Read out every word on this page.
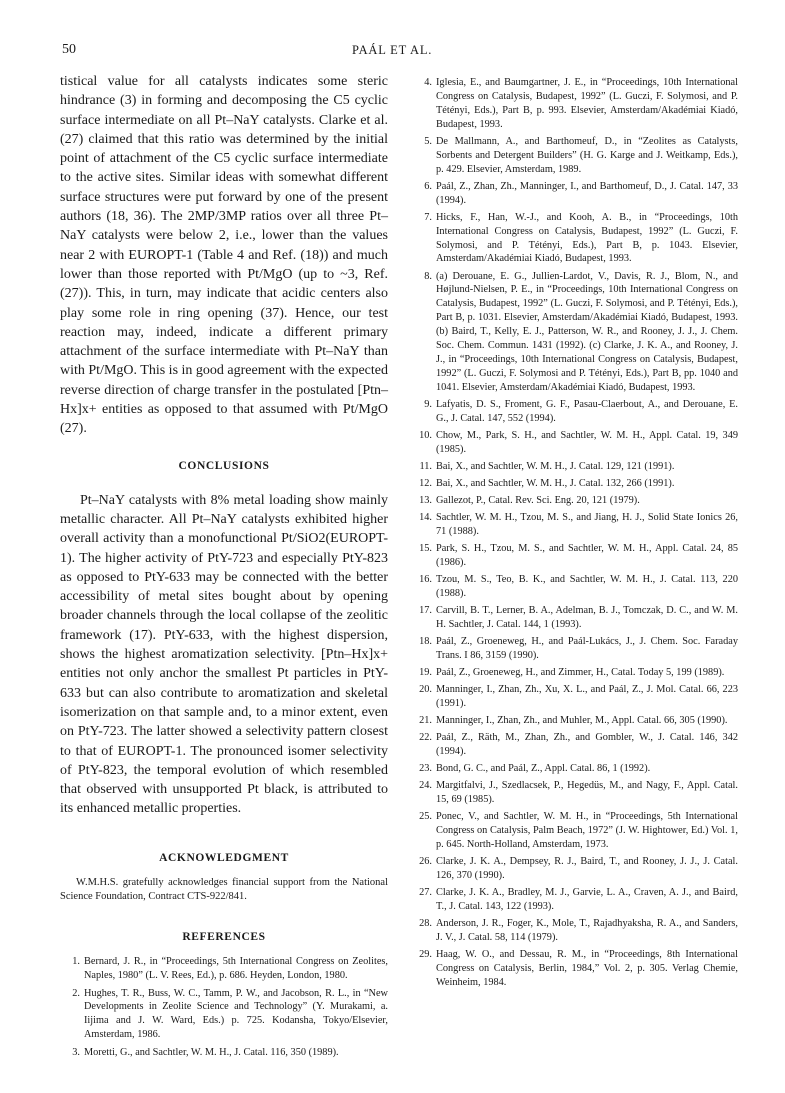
50	PAÁL ET AL.

tistical value for all catalysts indicates some steric hindrance (3) in forming and decomposing the C5 cyclic surface intermediate on all Pt–NaY catalysts. Clarke et al. (27) claimed that this ratio was determined by the initial point of attachment of the C5 cyclic surface intermediate to the active sites. Similar ideas with somewhat different surface structures were put forward by one of the present authors (18, 36). The 2MP/3MP ratios over all three Pt–NaY catalysts were below 2, i.e., lower than the values near 2 with EUROPT-1 (Table 4 and Ref. (18)) and much lower than those reported with Pt/MgO (up to ~3, Ref. (27)). This, in turn, may indicate that acidic centers also play some role in ring opening (37). Hence, our test reaction may, indeed, indicate a different primary attachment of the surface intermediate with Pt–NaY than with Pt/MgO. This is in good agreement with the expected reverse direction of charge transfer in the postulated [Ptn–Hx]x+ entities as opposed to that assumed with Pt/MgO (27).

CONCLUSIONS

Pt–NaY catalysts with 8% metal loading show mainly metallic character. All Pt–NaY catalysts exhibited higher overall activity than a monofunctional Pt/SiO2(EUROPT-1). The higher activity of PtY-723 and especially PtY-823 as opposed to PtY-633 may be connected with the better accessibility of metal sites bought about by opening broader channels through the local collapse of the zeolitic framework (17). PtY-633, with the highest dispersion, shows the highest aromatization selectivity. [Ptn–Hx]x+ entities not only anchor the smallest Pt particles in PtY-633 but can also contribute to aromatization and skeletal isomerization on that sample and, to a minor extent, even on PtY-723. The latter showed a selectivity pattern closest to that of EUROPT-1. The pronounced isomer selectivity of PtY-823, the temporal evolution of which resembled that observed with unsupported Pt black, is attributed to its enhanced metallic properties.

ACKNOWLEDGMENT

W.M.H.S. gratefully acknowledges financial support from the National Science Foundation, Contract CTS-922/841.

REFERENCES
1. Bernard, J. R., in “Proceedings, 5th International Congress on Zeolites, Naples, 1980” (L. V. Rees, Ed.), p. 686. Heyden, London, 1980.
2. Hughes, T. R., Buss, W. C., Tamm, P. W., and Jacobson, R. L., in “New Developments in Zeolite Science and Technology” (Y. Murakami, a. Iijima and J. W. Ward, Eds.) p. 725. Kodansha, Tokyo/Elsevier, Amsterdam, 1986.
3. Moretti, G., and Sachtler, W. M. H., J. Catal. 116, 350 (1989).
4. Iglesia, E., and Baumgartner, J. E., in “Proceedings, 10th International Congress on Catalysis, Budapest, 1992” (L. Guczi, F. Solymosi, and P. Tétényi, Eds.), Part B, p. 993. Elsevier, Amsterdam/Akadémiai Kiadó, Budapest, 1993.
5. De Mallmann, A., and Barthomeuf, D., in “Zeolites as Catalysts, Sorbents and Detergent Builders” (H. G. Karge and J. Weitkamp, Eds.), p. 429. Elsevier, Amsterdam, 1989.
6. Paál, Z., Zhan, Zh., Manninger, I., and Barthomeuf, D., J. Catal. 147, 33 (1994).
7. Hicks, F., Han, W.-J., and Kooh, A. B., in “Proceedings, 10th International Congress on Catalysis, Budapest, 1992” (L. Guczi, F. Solymosi, and P. Tétényi, Eds.), Part B, p. 1043. Elsevier, Amsterdam/Akadémiai Kiadó, Budapest, 1993.
8. (a) Derouane, E. G., Jullien-Lardot, V., Davis, R. J., Blom, N., and Højlund-Nielsen, P. E., in “Proceedings, 10th International Congress on Catalysis, Budapest, 1992” (L. Guczi, F. Solymosi, and P. Tétényi, Eds.), Part B, p. 1031. Elsevier, Amsterdam/Akadémiai Kiadó, Budapest, 1993. (b) Baird, T., Kelly, E. J., Patterson, W. R., and Rooney, J. J., J. Chem. Soc. Chem. Commun. 1431 (1992). (c) Clarke, J. K. A., and Rooney, J. J., in “Proceedings, 10th International Congress on Catalysis, Budapest, 1992” (L. Guczi, F. Solymosi and P. Tétényi, Eds.), Part B, pp. 1040 and 1041. Elsevier, Amsterdam/Akadémiai Kiadó, Budapest, 1993.
9. Lafyatis, D. S., Froment, G. F., Pasau-Claerbout, A., and Derouane, E. G., J. Catal. 147, 552 (1994).
10. Chow, M., Park, S. H., and Sachtler, W. M. H., Appl. Catal. 19, 349 (1985).
11. Bai, X., and Sachtler, W. M. H., J. Catal. 129, 121 (1991).
12. Bai, X., and Sachtler, W. M. H., J. Catal. 132, 266 (1991).
13. Gallezot, P., Catal. Rev. Sci. Eng. 20, 121 (1979).
14. Sachtler, W. M. H., Tzou, M. S., and Jiang, H. J., Solid State Ionics 26, 71 (1988).
15. Park, S. H., Tzou, M. S., and Sachtler, W. M. H., Appl. Catal. 24, 85 (1986).
16. Tzou, M. S., Teo, B. K., and Sachtler, W. M. H., J. Catal. 113, 220 (1988).
17. Carvill, B. T., Lerner, B. A., Adelman, B. J., Tomczak, D. C., and W. M. H. Sachtler, J. Catal. 144, 1 (1993).
18. Paál, Z., Groeneweg, H., and Paál-Lukács, J., J. Chem. Soc. Faraday Trans. I 86, 3159 (1990).
19. Paál, Z., Groeneweg, H., and Zimmer, H., Catal. Today 5, 199 (1989).
20. Manninger, I., Zhan, Zh., Xu, X. L., and Paál, Z., J. Mol. Catal. 66, 223 (1991).
21. Manninger, I., Zhan, Zh., and Muhler, M., Appl. Catal. 66, 305 (1990).
22. Paál, Z., Räth, M., Zhan, Zh., and Gombler, W., J. Catal. 146, 342 (1994).
23. Bond, G. C., and Paál, Z., Appl. Catal. 86, 1 (1992).
24. Margitfalvi, J., Szedlacsek, P., Hegedüs, M., and Nagy, F., Appl. Catal. 15, 69 (1985).
25. Ponec, V., and Sachtler, W. M. H., in “Proceedings, 5th International Congress on Catalysis, Palm Beach, 1972” (J. W. Hightower, Ed.) Vol. 1, p. 645. North-Holland, Amsterdam, 1973.
26. Clarke, J. K. A., Dempsey, R. J., Baird, T., and Rooney, J. J., J. Catal. 126, 370 (1990).
27. Clarke, J. K. A., Bradley, M. J., Garvie, L. A., Craven, A. J., and Baird, T., J. Catal. 143, 122 (1993).
28. Anderson, J. R., Foger, K., Mole, T., Rajadhyaksha, R. A., and Sanders, J. V., J. Catal. 58, 114 (1979).
29. Haag, W. O., and Dessau, R. M., in “Proceedings, 8th International Congress on Catalysis, Berlin, 1984,” Vol. 2, p. 305. Verlag Chemie, Weinheim, 1984.
